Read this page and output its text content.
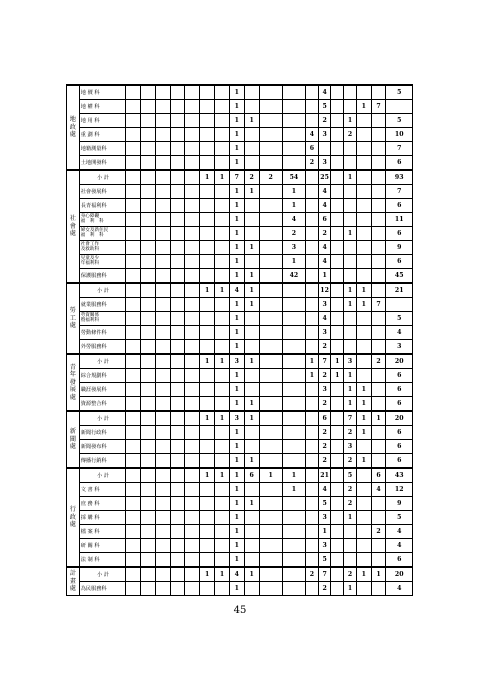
地政處	地 價 科								1					4					5
	地 權 科								1					5			1	7	
	地 用 科								1	1				2		1			5
	重 劃 科								1				4	3		2			10
	地籍測量科								1				6						7
	土地開發科								1				2	3					6
社會處	小 計						1	1	7	2	2	54		25		1			93
	社會發展科								1	1		1		4					7
	長青福利科								1			1		4					6

	身心障礙
福　利　科								1			4		6					11

	婦女及新住民
福　利　科								1			2		2		1			6

	社會工作
及救助科								1	1		3		4					9

	兒童及少
年福利科								1			1		4					6
	保護服務科								1	1		42		1					45
勞工處	小 計						1	1	4	1				12		1	1		21
	就業服務科								1	1				3		1	1	7	

	勞資關係
暨福利科								1					4					5
	勞動條件科								1					3					4
	外勞服務科								1					2					3
青年發展處	小 計						1	1	3	1			1	7	1	3		2	20
	綜合規劃科								1				1	2	1	1			6
	職涯發展科								1					3		1	1		6
	資源整合科								1	1				2		1	1		6
新聞處	小 計						1	1	3	1				6		7	1	1	20
	新聞行政科								1					2		2	1		6
	新聞發布科								1					2		3			6
	傳播行銷科								1	1				2		2	1		6
行政處	小 計						1	1	1	6	1	1		21		5		6	43
	文 書 科								1			1		4		2		4	12
	庶 務 科								1	1				5		2			9
	採 購 科								1					3		1			5
	檔 案 科								1					1				2	4
	研 關 科								1					3					4
	法 制 科								1					5					6
計畫處	小 計						1	1	4	1			2	7		2	1	1	20
	為民服務科								1					2		1			4
45
